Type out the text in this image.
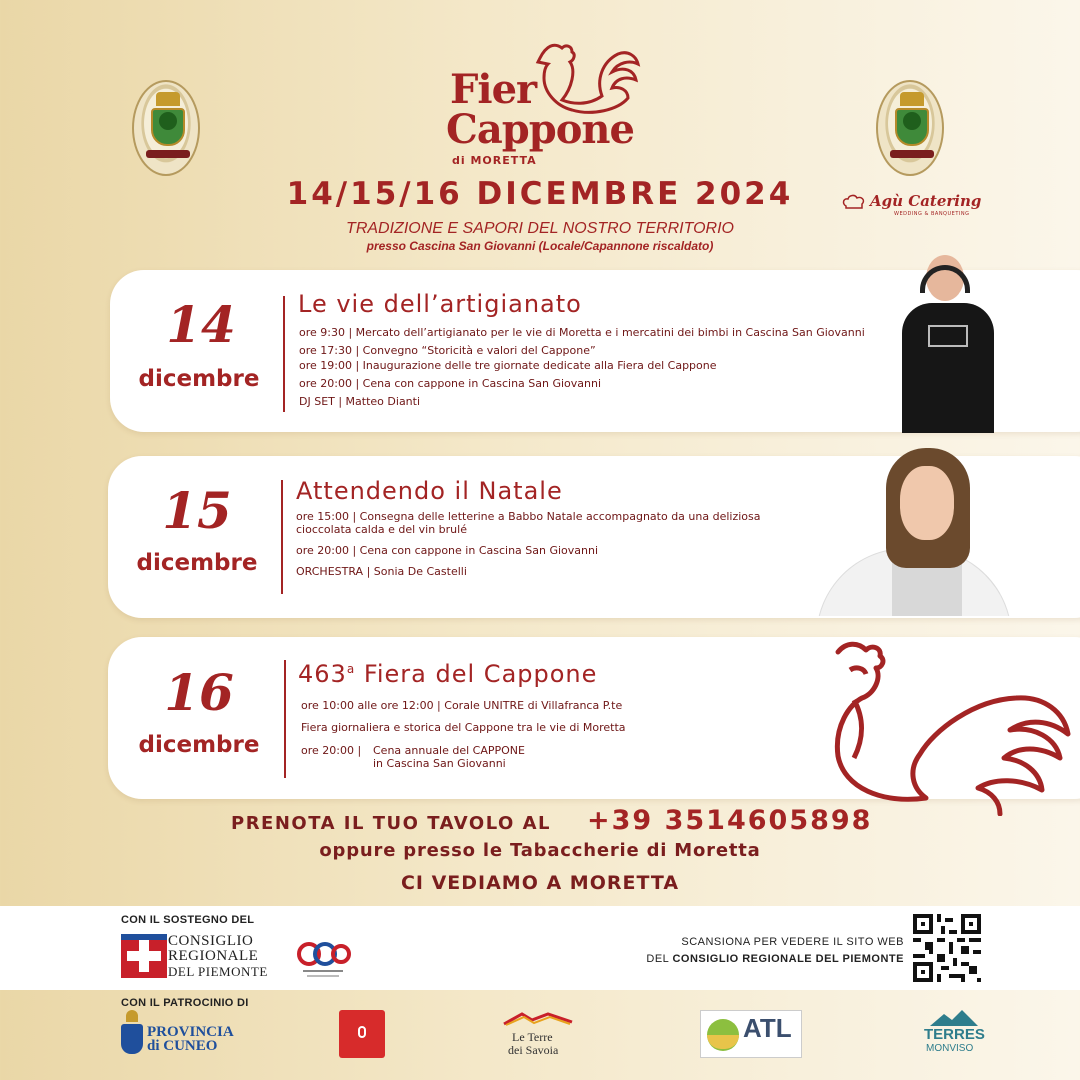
Fier
Cappone
di MORETTA
14/15/16 DICEMBRE 2024
TRADIZIONE E SAPORI DEL NOSTRO TERRITORIO
presso Cascina San Giovanni (Locale/Capannone riscaldato)
Agù Catering
WEDDING & BANQUETING
14
dicembre
Le vie dell’artigianato
ore 9:30 | Mercato dell’artigianato per le vie di Moretta e i mercatini dei bimbi in Cascina San Giovanni
ore 17:30 | Convegno “Storicità e valori del Cappone”
ore 19:00 | Inaugurazione delle tre giornate dedicate alla Fiera del Cappone
ore 20:00 | Cena con cappone in Cascina San Giovanni
DJ SET | Matteo Dianti
15
dicembre
Attendendo il Natale
ore 15:00 | Consegna delle letterine a Babbo Natale accompagnato da una deliziosa
cioccolata calda e del vin brulé
ore 20:00 | Cena con cappone in Cascina San Giovanni
ORCHESTRA | Sonia De Castelli
16
dicembre
463$^a$ Fiera del Cappone
ore 10:00 alle ore 12:00 | Corale UNITRE di Villafranca P.te
Fiera giornaliera e storica del Cappone tra le vie di Moretta
ore 20:00 | Cena annuale del CAPPONE
in Cascina San Giovanni
PRENOTA IL TUO TAVOLO AL +39 3514605898
oppure presso le Tabaccherie di Moretta
CI VEDIAMO A MORETTA
CON IL SOSTEGNO DEL
CONSIGLIO
REGIONALE
DEL PIEMONTE
SCANSIONA PER VEDERE IL SITO WEB
DEL CONSIGLIO REGIONALE DEL PIEMONTE
CON IL PATROCINIO DI
PROVINCIA
di CUNEO
Le Terre
dei Savoia
ATL	TERRES
MONVISO
